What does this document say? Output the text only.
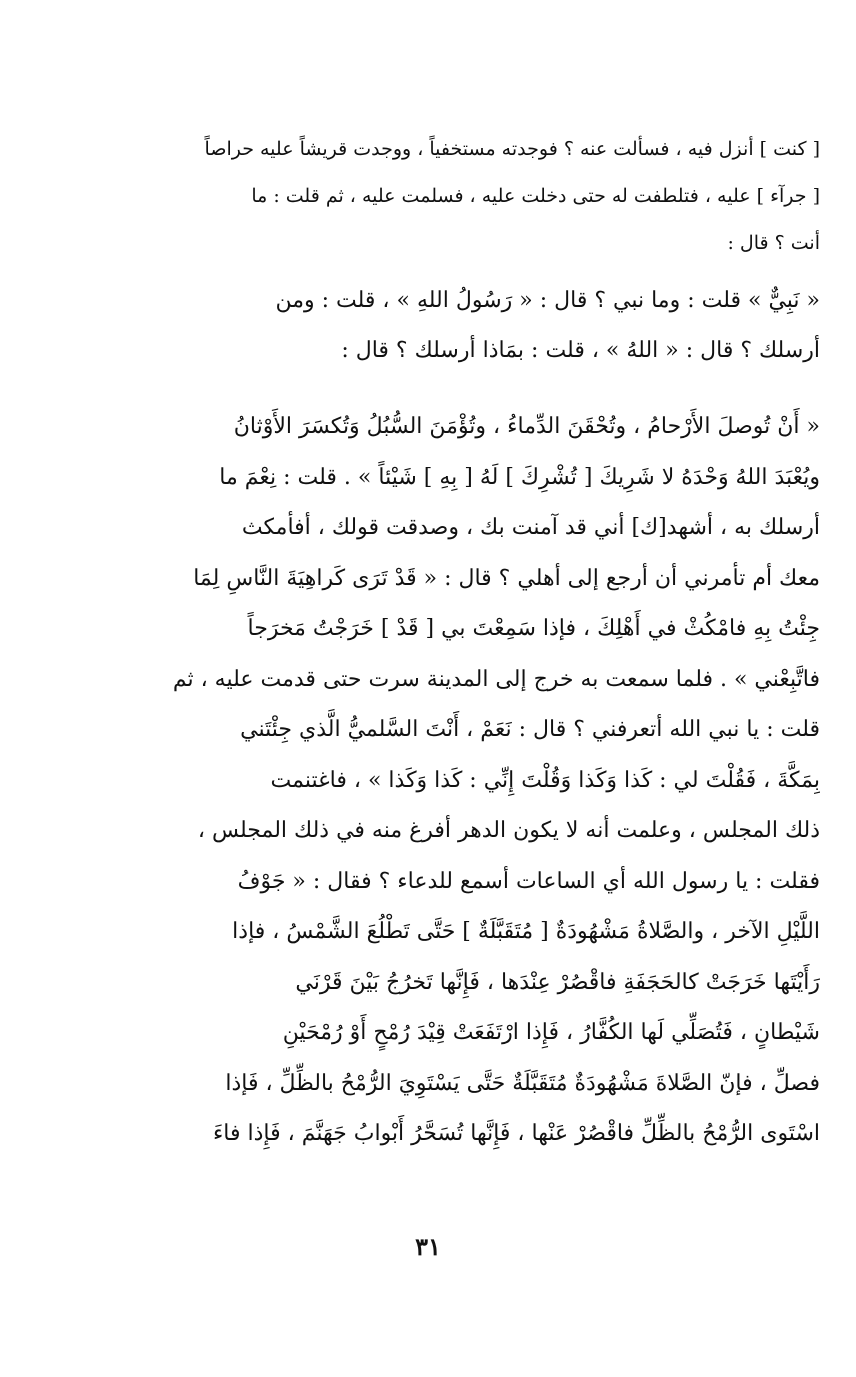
[ كنت ] أنزل فيه ، فسألت عنه ؟ فوجدته مستخفياً ، ووجدت قريشاً عليه حراصاً
[ جرآء ] عليه ، فتلطفت له حتى دخلت عليه ، فسلمت عليه ، ثم قلت : ما
أنت ؟ قال :
« نَبِيٌّ » قلت : وما نبي ؟ قال : « رَسُولُ اللهِ » ، قلت : ومن
أرسلك ؟ قال : « اللهُ » ، قلت : بمَاذا أرسلك ؟ قال :
« أَنْ تُوصلَ الأَرْحامُ ، وتُحْقَنَ الدِّماءُ ، وتُؤْمَنَ السُّبُلُ وَتُكسَرَ الأَوْثانُ
ويُعْبَدَ اللهُ وَحْدَهُ لا شَرِيكَ [ تُشْرِكَ ] لَهُ [ بِهِ ] شَيْئاً » . قلت : نِعْمَ ما
أرسلك به ، أشهد[ك] أني قد آمنت بك ، وصدقت قولك ، أفأمكث
معك أم تأمرني أن أرجع إلى أهلي ؟ قال : « قَدْ تَرَى كَراهِيَةَ النَّاسِ لِمَا
جِئْتُ بِهِ فامْكُثْ في أَهْلِكَ ، فإذا سَمِعْتَ بي [ قَدْ ] خَرَجْتُ مَخرَجاً
فاتَّبِعْني » . فلما سمعت به خرج إلى المدينة سرت حتى قدمت عليه ، ثم
قلت : يا نبي الله أتعرفني ؟ قال : نَعَمْ ، أَنْتَ السَّلميُّ الَّذي جِئْتَني
بِمَكَّةَ ، فَقُلْتَ لي : كَذا وَكَذا وَقُلْتَ إِنِّي : كَذا وَكَذا » ، فاغتنمت
ذلك المجلس ، وعلمت أنه لا يكون الدهر أفرغ منه في ذلك المجلس ،
فقلت : يا رسول الله أي الساعات أسمع للدعاء ؟ فقال : « جَوْفُ
اللَّيْلِ الآخر ، والصَّلاةُ مَشْهُودَةٌ [ مُتَقَبَّلَةٌ ] حَتَّى تَطْلُعَ الشَّمْسُ ، فإذا
رَأَيْتَها خَرَجَتْ كالحَجَفَةِ فاقْصُرْ عِنْدَها ، فَإِنَّها تَخرُجُ بَيْنَ قَرْنَي
شَيْطانٍ ، فَتُصَلِّي لَها الكُفَّارُ ، فَإِذا ارْتَفَعَتْ قِيْدَ رُمْحٍ أَوْ رُمْحَيْنِ
فصلِّ ، فإنّ الصَّلاةَ مَشْهُودَةٌ مُتَقَبَّلَةٌ حَتَّى يَسْتَوِيَ الرُّمْحُ بالظِّلِّ ، فَإذا
اسْتَوى الرُّمْحُ بالظِّلِّ فاقْصُرْ عَنْها ، فَإِنَّها تُسَحَّرُ أَبْوابُ جَهَنَّمَ ، فَإِذا فاءَ
٣١
